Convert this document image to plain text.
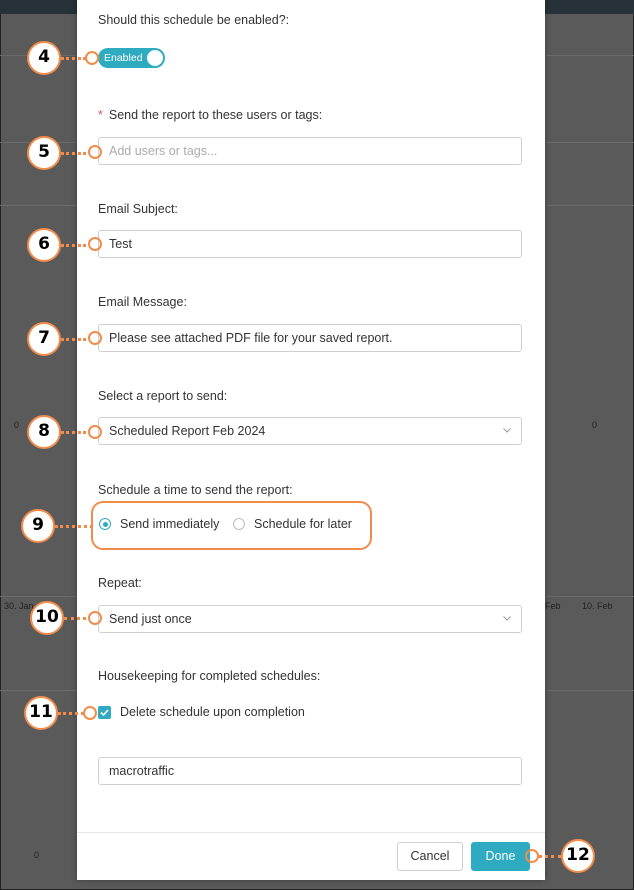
0	0
0
30. Jan	Feb 10. Feb
Should this schedule be enabled?:
Enabled
* Send the report to these users or tags:
Add users or tags...
Email Subject:
Test
Email Message:
Please see attached PDF file for your saved report.
Select a report to send:
Scheduled Report Feb 2024
Schedule a time to send the report:
Send immediately	Schedule for later
Repeat:
Send just once
Housekeeping for completed schedules:
Delete schedule upon completion
macrotraffic
Cancel	Done
4
5
6
7
8
9
10
11
12
